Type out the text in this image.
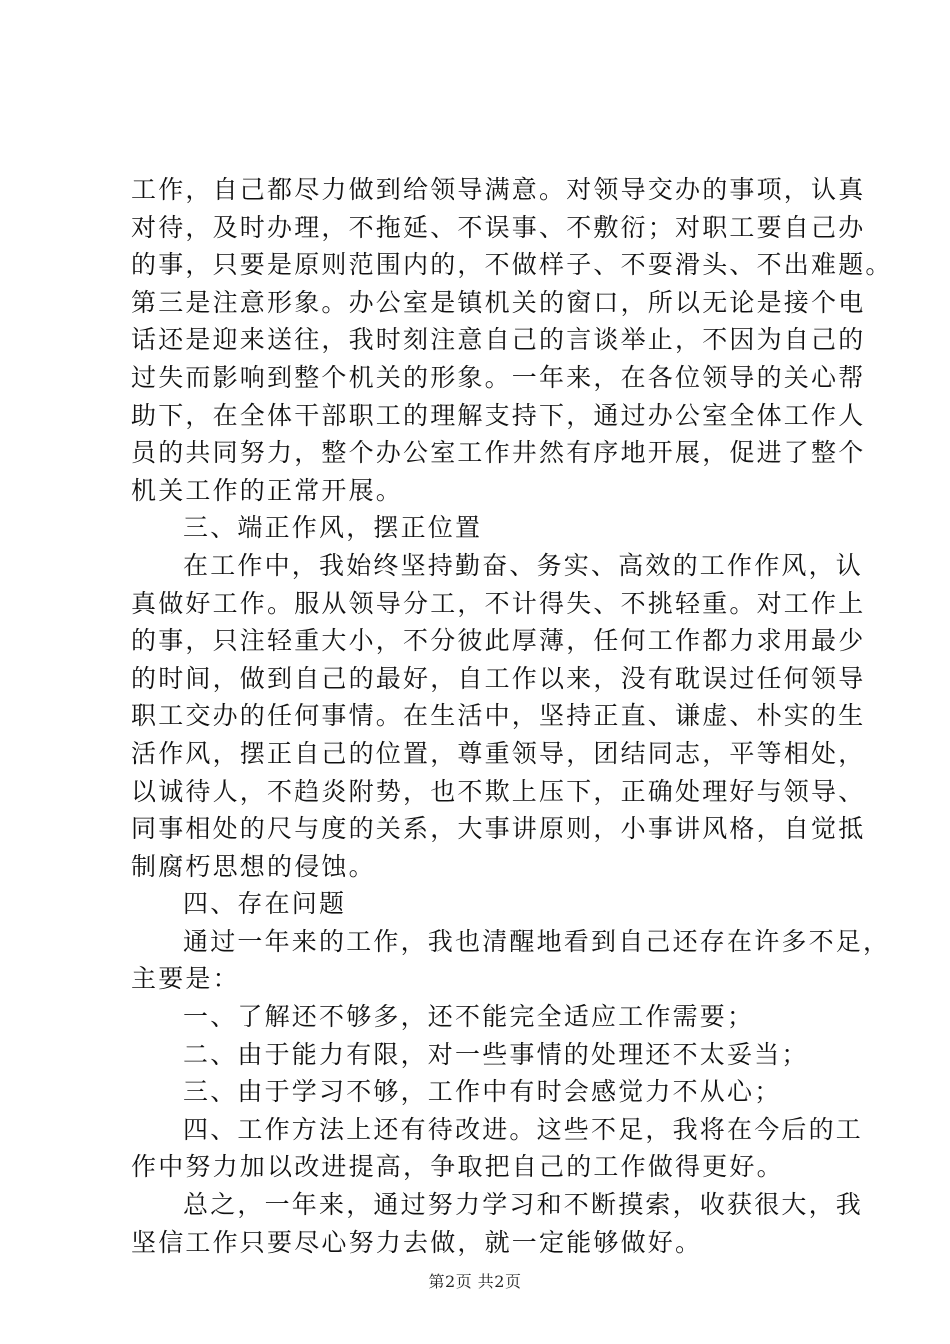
工作，自己都尽力做到给领导满意。对领导交办的事项，认真
对待，及时办理，不拖延、不误事、不敷衍；对职工要自己办
的事，只要是原则范围内的，不做样子、不耍滑头、不出难题。
第三是注意形象。办公室是镇机关的窗口，所以无论是接个电
话还是迎来送往，我时刻注意自己的言谈举止，不因为自己的
过失而影响到整个机关的形象。一年来，在各位领导的关心帮
助下，在全体干部职工的理解支持下，通过办公室全体工作人
员的共同努力，整个办公室工作井然有序地开展，促进了整个
机关工作的正常开展。
三、端正作风，摆正位置
在工作中，我始终坚持勤奋、务实、高效的工作作风，认
真做好工作。服从领导分工，不计得失、不挑轻重。对工作上
的事，只注轻重大小，不分彼此厚薄，任何工作都力求用最少
的时间，做到自己的最好，自工作以来，没有耽误过任何领导
职工交办的任何事情。在生活中，坚持正直、谦虚、朴实的生
活作风，摆正自己的位置，尊重领导，团结同志，平等相处，
以诚待人，不趋炎附势，也不欺上压下，正确处理好与领导、
同事相处的尺与度的关系，大事讲原则，小事讲风格，自觉抵
制腐朽思想的侵蚀。
四、存在问题
通过一年来的工作，我也清醒地看到自己还存在许多不足，
主要是：
一、了解还不够多，还不能完全适应工作需要；
二、由于能力有限，对一些事情的处理还不太妥当；
三、由于学习不够，工作中有时会感觉力不从心；
四、工作方法上还有待改进。这些不足，我将在今后的工
作中努力加以改进提高，争取把自己的工作做得更好。
总之，一年来，通过努力学习和不断摸索，收获很大，我
坚信工作只要尽心努力去做，就一定能够做好。
第2页 共2页
